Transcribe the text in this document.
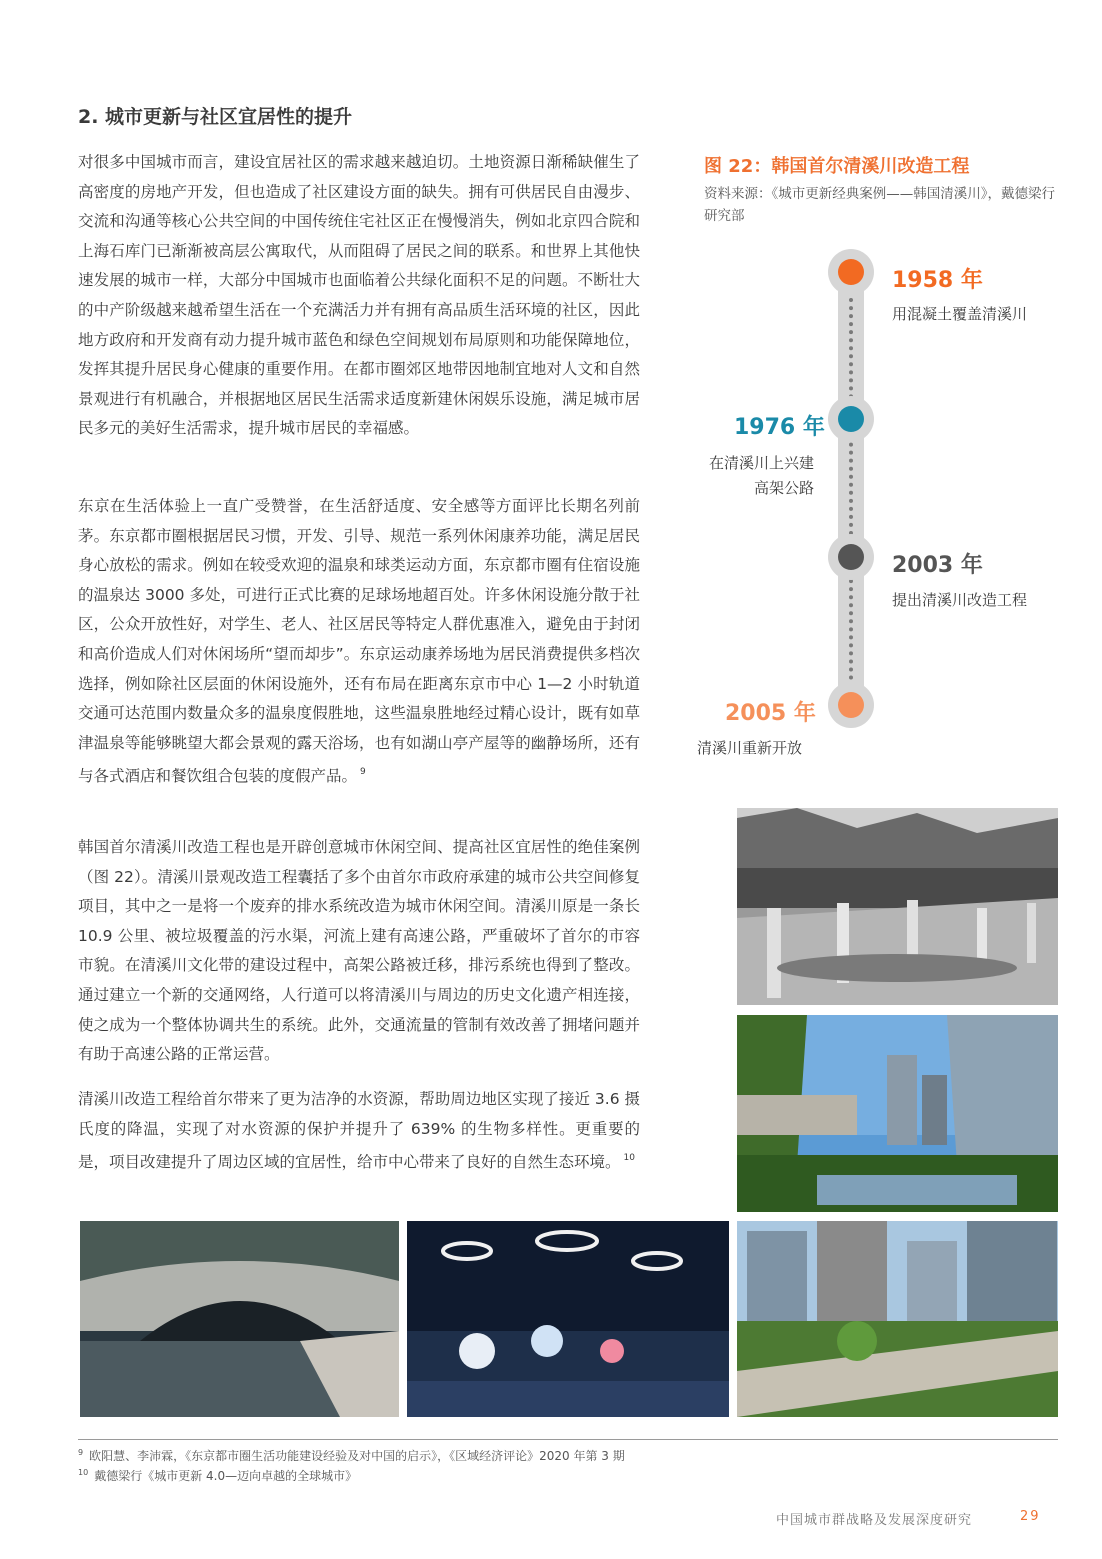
2. 城市更新与社区宜居性的提升
对很多中国城市而言，建设宜居社区的需求越来越迫切。土地资源日渐稀缺催生了高密度的房地产开发，但也造成了社区建设方面的缺失。拥有可供居民自由漫步、交流和沟通等核心公共空间的中国传统住宅社区正在慢慢消失，例如北京四合院和上海石库门已渐渐被高层公寓取代，从而阻碍了居民之间的联系。和世界上其他快速发展的城市一样，大部分中国城市也面临着公共绿化面积不足的问题。不断壮大的中产阶级越来越希望生活在一个充满活力并有拥有高品质生活环境的社区，因此地方政府和开发商有动力提升城市蓝色和绿色空间规划布局原则和功能保障地位，发挥其提升居民身心健康的重要作用。在都市圈郊区地带因地制宜地对人文和自然景观进行有机融合，并根据地区居民生活需求适度新建休闲娱乐设施，满足城市居民多元的美好生活需求，提升城市居民的幸福感。
东京在生活体验上一直广受赞誉，在生活舒适度、安全感等方面评比长期名列前茅。东京都市圈根据居民习惯，开发、引导、规范一系列休闲康养功能，满足居民身心放松的需求。例如在较受欢迎的温泉和球类运动方面，东京都市圈有住宿设施的温泉达 3000 多处，可进行正式比赛的足球场地超百处。许多休闲设施分散于社区，公众开放性好，对学生、老人、社区居民等特定人群优惠准入，避免由于封闭和高价造成人们对休闲场所“望而却步”。东京运动康养场地为居民消费提供多档次选择，例如除社区层面的休闲设施外，还有布局在距离东京市中心 1—2 小时轨道交通可达范围内数量众多的温泉度假胜地，这些温泉胜地经过精心设计，既有如草津温泉等能够眺望大都会景观的露天浴场，也有如湖山亭产屋等的幽静场所，还有与各式酒店和餐饮组合包装的度假产品。 $^9$
韩国首尔清溪川改造工程也是开辟创意城市休闲空间、提高社区宜居性的绝佳案例（图 22）。清溪川景观改造工程囊括了多个由首尔市政府承建的城市公共空间修复项目，其中之一是将一个废弃的排水系统改造为城市休闲空间。清溪川原是一条长 10.9 公里、被垃圾覆盖的污水渠，河流上建有高速公路，严重破坏了首尔的市容市貌。在清溪川文化带的建设过程中，高架公路被迁移，排污系统也得到了整改。通过建立一个新的交通网络，人行道可以将清溪川与周边的历史文化遗产相连接，使之成为一个整体协调共生的系统。此外，交通流量的管制有效改善了拥堵问题并有助于高速公路的正常运营。
清溪川改造工程给首尔带来了更为洁净的水资源，帮助周边地区实现了接近 3.6 摄氏度的降温，实现了对水资源的保护并提升了 639% 的生物多样性。更重要的是，项目改建提升了周边区域的宜居性，给市中心带来了良好的自然生态环境。 $^{10}$
图 22：韩国首尔清溪川改造工程
资料来源：《城市更新经典案例——韩国清溪川》，戴德梁行研究部
1958 年
用混凝土覆盖清溪川
1976 年
在清溪川上兴建
高架公路
2003 年
提出清溪川改造工程
2005 年
清溪川重新开放
$^9$ 欧阳慧、李沛霖，《东京都市圈生活功能建设经验及对中国的启示》，《区域经济评论》2020 年第 3 期
$^{10}$ 戴德梁行《城市更新 4.0—迈向卓越的全球城市》
中国城市群战略及发展深度研究	29
